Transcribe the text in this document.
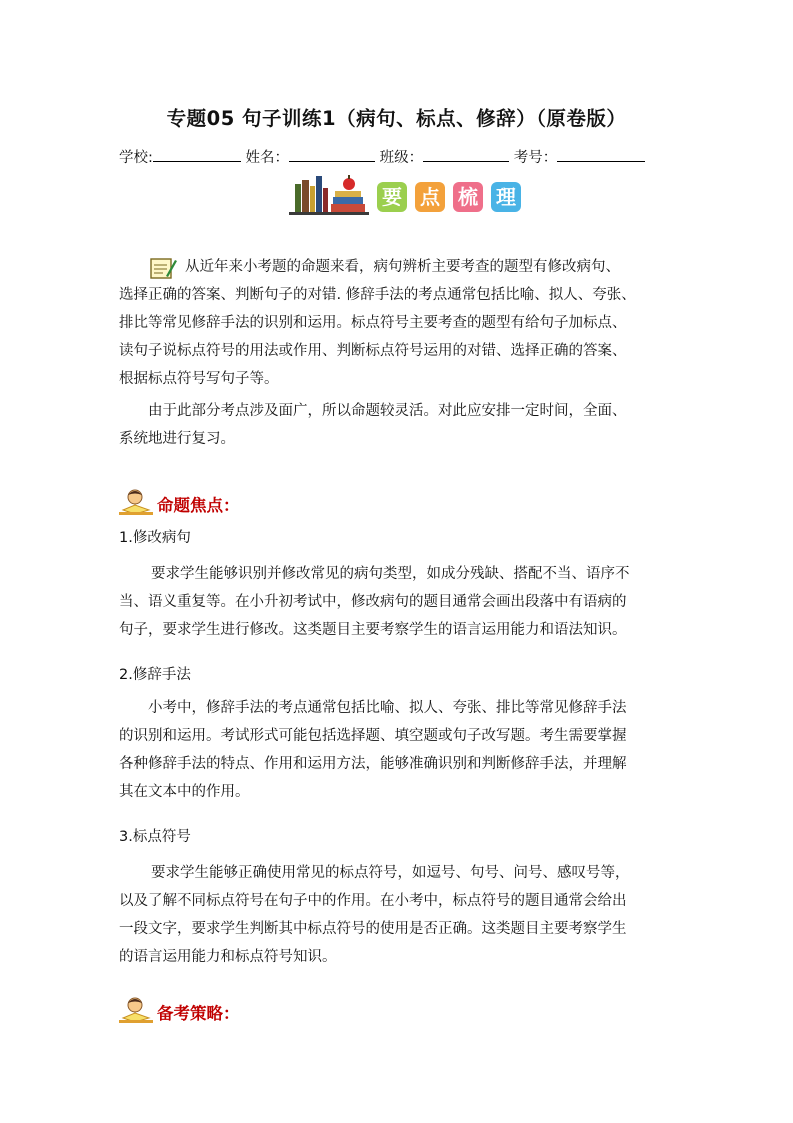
专题05 句子训练1（病句、标点、修辞）（原卷版）
学校:	姓名：	班级：	考号：
要 点 梳 理
从近年来小考题的命题来看，病句辨析主要考查的题型有修改病句、
选择正确的答案、判断句子的对错. 修辞手法的考点通常包括比喻、拟人、夸张、
排比等常见修辞手法的识别和运用。标点符号主要考查的题型有给句子加标点、
读句子说标点符号的用法或作用、判断标点符号运用的对错、选择正确的答案、
根据标点符号写句子等。
由于此部分考点涉及面广，所以命题较灵活。对此应安排一定时间，全面、
系统地进行复习。
命题焦点：
1.修改病句
要求学生能够识别并修改常见的病句类型，如成分残缺、搭配不当、语序不
当、语义重复等。在小升初考试中，修改病句的题目通常会画出段落中有语病的
句子，要求学生进行修改。这类题目主要考察学生的语言运用能力和语法知识。
2.修辞手法
小考中，修辞手法的考点通常包括比喻、拟人、夸张、排比等常见修辞手法
的识别和运用。考试形式可能包括选择题、填空题或句子改写题。考生需要掌握
各种修辞手法的特点、作用和运用方法，能够准确识别和判断修辞手法，并理解
其在文本中的作用。
3.标点符号
要求学生能够正确使用常见的标点符号，如逗号、句号、问号、感叹号等，
以及了解不同标点符号在句子中的作用。在小考中，标点符号的题目通常会给出
一段文字，要求学生判断其中标点符号的使用是否正确。这类题目主要考察学生
的语言运用能力和标点符号知识。
备考策略：
